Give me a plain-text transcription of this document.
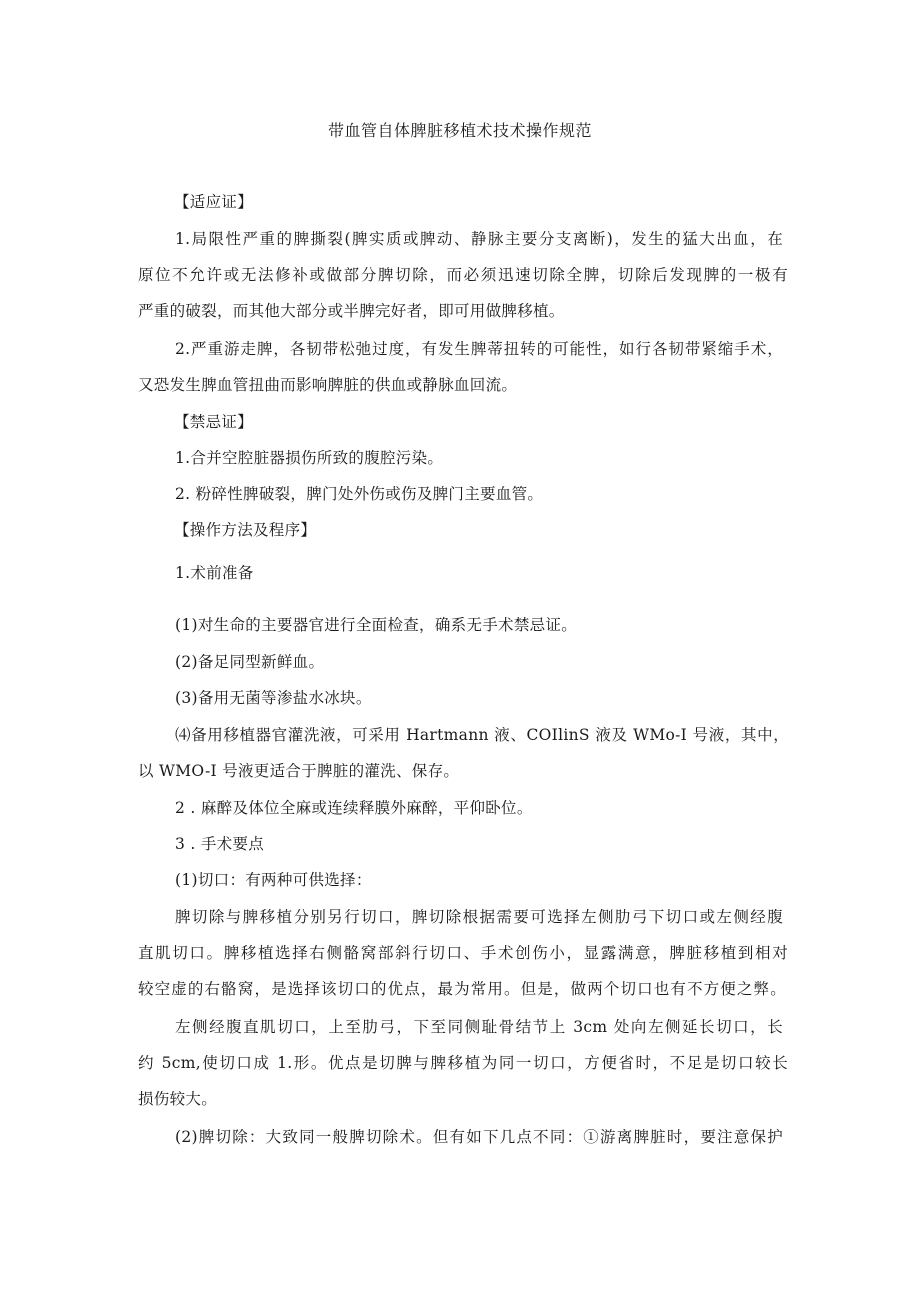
带血管自体脾脏移植术技术操作规范
【适应证】
1.局限性严重的脾撕裂(脾实质或脾动、静脉主要分支离断)，发生的猛大出血，在
原位不允许或无法修补或做部分脾切除，而必须迅速切除全脾，切除后发现脾的一极有
严重的破裂，而其他大部分或半脾完好者，即可用做脾移植。
2.严重游走脾，各韧带松弛过度，有发生脾蒂扭转的可能性，如行各韧带紧缩手术，
又恐发生脾血管扭曲而影响脾脏的供血或静脉血回流。
【禁忌证】
1.合并空腔脏器损伤所致的腹腔污染。
2. 粉碎性脾破裂，脾门处外伤或伤及脾门主要血管。
【操作方法及程序】
1.术前准备
(1)对生命的主要器官进行全面检查，确系无手术禁忌证。
(2)备足同型新鲜血。
(3)备用无菌等渗盐水冰块。
⑷备用移植器官灌洗液，可采用 Hartmann 液、COIlinS 液及 WMo-I 号液，其中，
以 WMO-I 号液更适合于脾脏的灌洗、保存。
2 . 麻醉及体位全麻或连续释膜外麻醉，平仰卧位。
3 . 手术要点
(1)切口：有两种可供选择：
脾切除与脾移植分别另行切口，脾切除根据需要可选择左侧肋弓下切口或左侧经腹
直肌切口。脾移植选择右侧骼窝部斜行切口、手术创伤小，显露满意，脾脏移植到相对
较空虚的右骼窝，是选择该切口的优点，最为常用。但是，做两个切口也有不方便之弊。
左侧经腹直肌切口，上至肋弓，下至同侧耻骨结节上 3cm 处向左侧延长切口，长
约 5cm,使切口成 1.形。优点是切脾与脾移植为同一切口，方便省时，不足是切口较长
损伤较大。
(2)脾切除：大致同一般脾切除术。但有如下几点不同：①游离脾脏时，要注意保护
